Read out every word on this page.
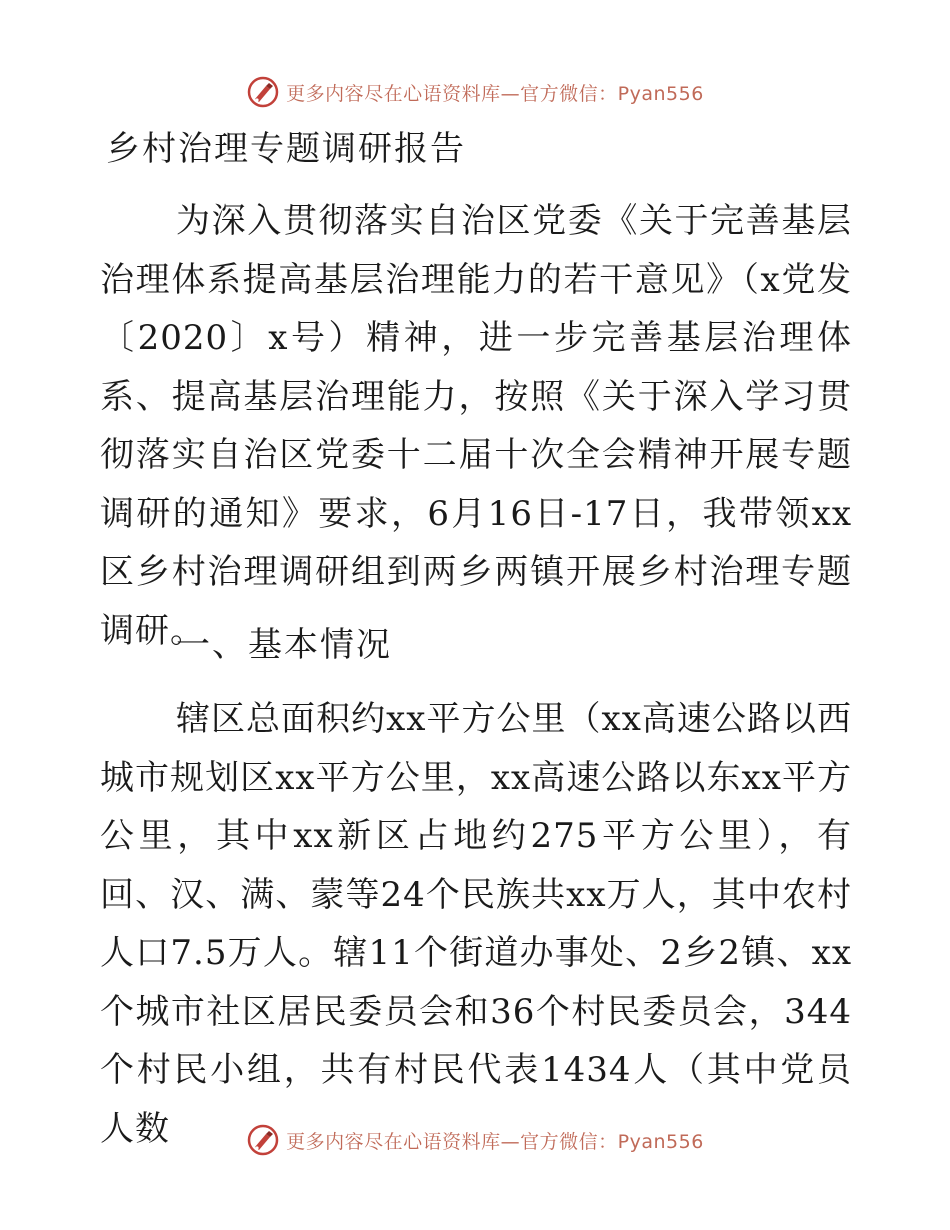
更多内容尽在心语资料库—官方微信：Pyan556
乡村治理专题调研报告

为深入贯彻落实自治区党委《关于完善基层治理体系提高基层治理能力的若干意见》（x党发〔2020〕x号）精神，进一步完善基层治理体系、提高基层治理能力，按照《关于深入学习贯彻落实自治区党委十二届十次全会精神开展专题调研的通知》要求，6月16日-17日，我带领xx区乡村治理调研组到两乡两镇开展乡村治理专题调研。

一、基本情况

辖区总面积约xx平方公里（xx高速公路以西城市规划区xx平方公里，xx高速公路以东xx平方公里，其中xx新区占地约275平方公里），有回、汉、满、蒙等24个民族共xx万人，其中农村人口7.5万人。辖11个街道办事处、2乡2镇、xx个城市社区居民委员会和36个村民委员会，344个村民小组，共有村民代表1434人（其中党员人数	更多内容尽在心语资料库—官方微信：Pyan556
